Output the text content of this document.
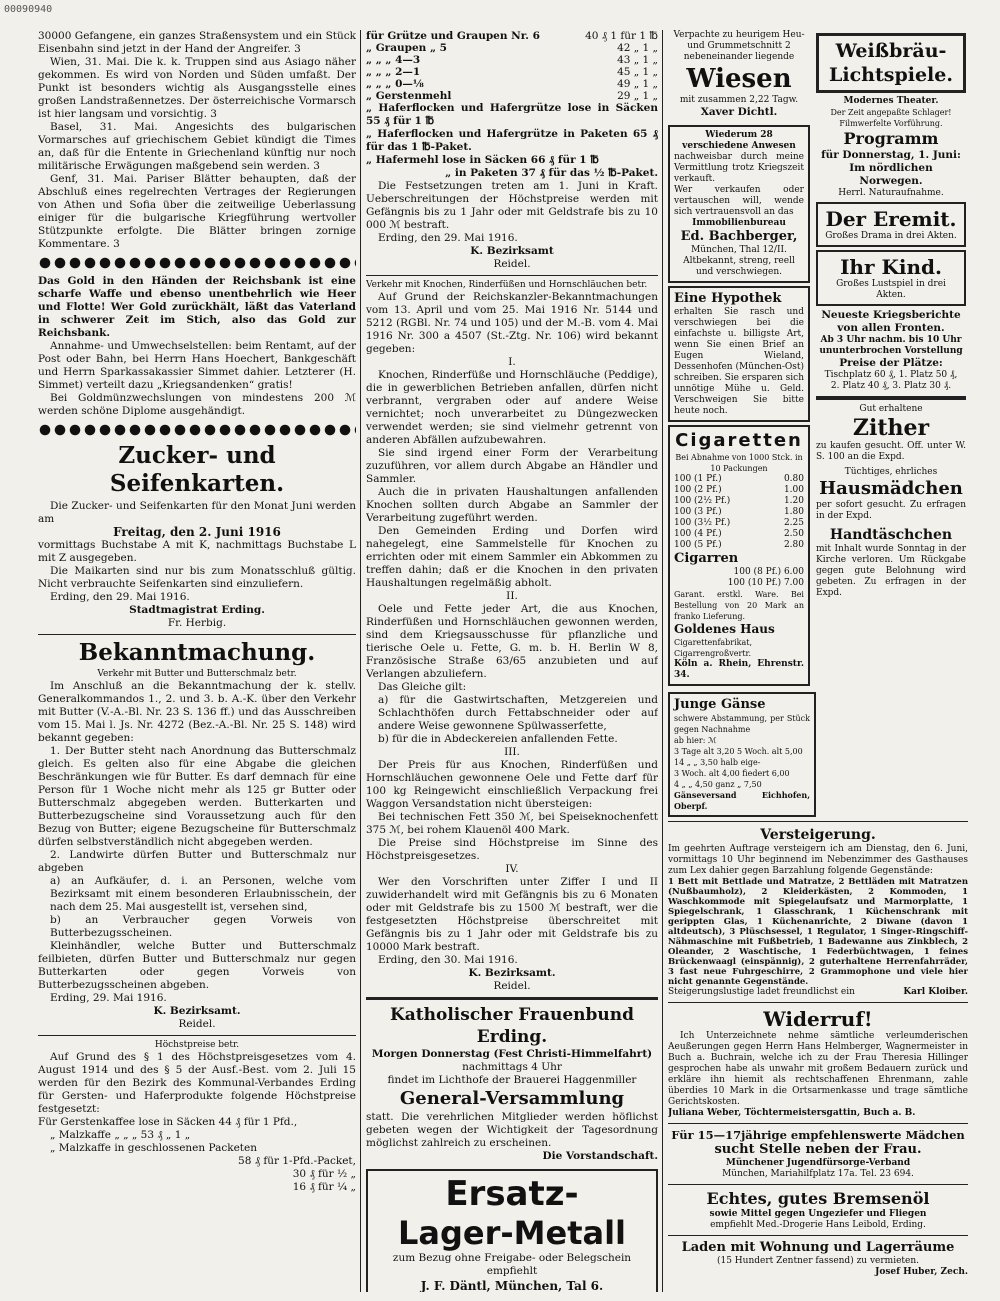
00090940

30000 Gefangene, ein ganzes Straßensystem und ein Stück Eisenbahn sind jetzt in der Hand der Angreifer. 3

Wien, 31. Mai. Die k. k. Truppen sind aus Asiago näher gekommen. Es wird von Norden und Süden umfaßt. Der Punkt ist besonders wichtig als Ausgangsstelle eines großen Landstraßennetzes. Der österreichische Vormarsch ist hier langsam und vorsichtig. 3

Basel, 31. Mai. Angesichts des bulgarischen Vormarsches auf griechischem Gebiet kündigt die Times an, daß für die Entente in Griechenland künftig nur noch militärische Erwägungen maßgebend sein werden. 3

Genf, 31. Mai. Pariser Blätter behaupten, daß der Abschluß eines regelrechten Vertrages der Regierungen von Athen und Sofia über die zeitweilige Ueberlassung einiger für die bulgarische Kriegführung wertvoller Stützpunkte erfolgte. Die Blätter bringen zornige Kommentare. 3

Das Gold in den Händen der Reichsbank ist eine scharfe Waffe und ebenso unentbehrlich wie Heer und Flotte! Wer Gold zurückhält, läßt das Vaterland in schwerer Zeit im Stich, also das Gold zur Reichsbank.

Annahme- und Umwechselstellen: beim Rentamt, auf der Post oder Bahn, bei Herrn Hans Hoechert, Bankgeschäft und Herrn Sparkassakassier Simmet dahier. Letzterer (H. Simmet) verteilt dazu „Kriegsandenken“ gratis!

Bei Goldmünzwechslungen von mindestens 200 ℳ werden schöne Diplome ausgehändigt.

Zucker- und Seifenkarten.

Die Zucker- und Seifenkarten für den Monat Juni werden am

Freitag, den 2. Juni 1916

vormittags Buchstabe A mit K, nachmittags Buchstabe L mit Z ausgegeben.

Die Maikarten sind nur bis zum Monatsschluß gültig. Nicht verbrauchte Seifenkarten sind einzuliefern.

Erding, den 29. Mai 1916.

Stadtmagistrat Erding.

Fr. Herbig.

Bekanntmachung.

Verkehr mit Butter und Butterschmalz betr.

Im Anschluß an die Bekanntmachung der k. stellv. Generalkommandos 1., 2. und 3. b. A.-K. über den Verkehr mit Butter (V.-A.-Bl. Nr. 23 S. 136 ff.) und das Ausschreiben vom 15. Mai l. Js. Nr. 4272 (Bez.-A.-Bl. Nr. 25 S. 148) wird bekannt gegeben:

1. Der Butter steht nach Anordnung das Butterschmalz gleich. Es gelten also für eine Abgabe die gleichen Beschränkungen wie für Butter. Es darf demnach für eine Person für 1 Woche nicht mehr als 125 gr Butter oder Butterschmalz abgegeben werden. Butterkarten und Butterbezugscheine sind Voraussetzung auch für den Bezug von Butter; eigene Bezugscheine für Butterschmalz dürfen selbstverständlich nicht abgegeben werden.

2. Landwirte dürfen Butter und Butterschmalz nur abgeben

a) an Aufkäufer, d. i. an Personen, welche vom Bezirksamt mit einem besonderen Erlaubnisschein, der nach dem 25. Mai ausgestellt ist, versehen sind,

b) an Verbraucher gegen Vorweis von Butterbezugsscheinen.

Kleinhändler, welche Butter und Butterschmalz feilbieten, dürfen Butter und Butterschmalz nur gegen Butterkarten oder gegen Vorweis von Butterbezugsscheinen abgeben.

Erding, 29. Mai 1916.

K. Bezirksamt.

Reidel.

Höchstpreise betr.

Auf Grund des § 1 des Höchstpreisgesetzes vom 4. August 1914 und des § 5 der Ausf.-Best. vom 2. Juli 15 werden für den Bezirk des Kommunal-Verbandes Erding für Gersten- und Haferprodukte folgende Höchstpreise festgesetzt:

Für Gerstenkaffee lose in Säcken 44 ₰ für 1 Pfd.,

„ Malzkaffe „ „ „ 53 ₰ „ 1 „

„ Malzkaffe in geschlossenen Packeten

58 ₰ für 1-Pfd.-Packet,

30 ₰ für ½ „

16 ₰ für ¼ „

für Grütze und Graupen Nr. 6	40 ₰ 1 für 1 ℔
„ Graupen „ 5	42 „ 1 „
„ „ „ 4—3	43 „ 1 „
„ „ „ 2—1	45 „ 1 „
„ „ „ 0—⅛	49 „ 1 „
„ Gerstenmehl	29 „ 1 „

„ Haferflocken und Hafergrütze lose in Säcken 55 ₰ für 1 ℔

„ Haferflocken und Hafergrütze in Paketen 65 ₰ für das 1 ℔-Paket.

„ Hafermehl lose in Säcken 66 ₰ für 1 ℔

„ in Paketen 37 ₰ für das ½ ℔-Paket.

Die Festsetzungen treten am 1. Juni in Kraft. Ueberschreitungen der Höchstpreise werden mit Gefängnis bis zu 1 Jahr oder mit Geldstrafe bis zu 10 000 ℳ bestraft.

Erding, den 29. Mai 1916.

K. Bezirksamt

Reidel.

Verkehr mit Knochen, Rinderfüßen und Hornschläuchen betr.

Auf Grund der Reichskanzler-Bekanntmachungen vom 13. April und vom 25. Mai 1916 Nr. 5144 und 5212 (RGBl. Nr. 74 und 105) und der M.-B. vom 4. Mai 1916 Nr. 300 a 4507 (St.-Ztg. Nr. 106) wird bekannt gegeben:

I.

Knochen, Rinderfüße und Hornschläuche (Peddige), die in gewerblichen Betrieben anfallen, dürfen nicht verbrannt, vergraben oder auf andere Weise vernichtet; noch unverarbeitet zu Düngezwecken verwendet werden; sie sind vielmehr getrennt von anderen Abfällen aufzubewahren.

Sie sind irgend einer Form der Verarbeitung zuzuführen, vor allem durch Abgabe an Händler und Sammler.

Auch die in privaten Haushaltungen anfallenden Knochen sollten durch Abgabe an Sammler der Verarbeitung zugeführt werden.

Den Gemeinden Erding und Dorfen wird nahegelegt, eine Sammelstelle für Knochen zu errichten oder mit einem Sammler ein Abkommen zu treffen dahin; daß er die Knochen in den privaten Haushaltungen regelmäßig abholt.

II.

Oele und Fette jeder Art, die aus Knochen, Rinderfüßen und Hornschläuchen gewonnen werden, sind dem Kriegsausschusse für pflanzliche und tierische Oele u. Fette, G. m. b. H. Berlin W 8, Französische Straße 63/65 anzubieten und auf Verlangen abzuliefern.

Das Gleiche gilt:

a) für die Gastwirtschaften, Metzgereien und Schlachthöfen durch Fettabschneider oder auf andere Weise gewonnene Spülwasserfette,

b) für die in Abdeckereien anfallenden Fette.

III.

Der Preis für aus Knochen, Rinderfüßen und Hornschläuchen gewonnene Oele und Fette darf für 100 kg Reingewicht einschließlich Verpackung frei Waggon Versandstation nicht übersteigen:

Bei technischen Fett 350 ℳ, bei Speiseknochenfett 375 ℳ, bei rohem Klauenöl 400 Mark.

Die Preise sind Höchstpreise im Sinne des Höchstpreisgesetzes.

IV.

Wer den Vorschriften unter Ziffer I und II zuwiderhandelt wird mit Gefängnis bis zu 6 Monaten oder mit Geldstrafe bis zu 1500 ℳ bestraft, wer die festgesetzten Höchstpreise überschreitet mit Gefängnis bis zu 1 Jahr oder mit Geldstrafe bis zu 10000 Mark bestraft.

Erding, den 30. Mai 1916.

K. Bezirksamt.

Reidel.

Katholischer Frauenbund Erding.

Morgen Donnerstag (Fest Christi-Himmelfahrt)

nachmittags 4 Uhr

findet im Lichthofe der Brauerei Haggenmiller

General-Versammlung

statt. Die verehrlichen Mitglieder werden höflichst gebeten wegen der Wichtigkeit der Tagesordnung möglichst zahlreich zu erscheinen.

Die Vorstandschaft.

Ersatz-
Lager-Metall

zum Bezug ohne Freigabe- oder Belegschein empfiehlt

J. F. Däntl, München, Tal 6.

Verpachte zu heurigem Heu- und Grummetschnitt 2 nebeneinander liegende

Wiesen

mit zusammen 2,22 Tagw.

Xaver Dichtl.

Wiederum 28 verschiedene Anwesen

nachweisbar durch meine Vermittlung trotz Kriegszeit verkauft.

Wer verkaufen oder vertauschen will, wende sich vertrauensvoll an das

Immobilienbureau

Ed. Bachberger,

München, Thal 12/II.

Altbekannt, streng, reell und verschwiegen.

Eine Hypothek

erhalten Sie rasch und verschwiegen bei die einfachste u. billigste Art, wenn Sie einen Brief an Eugen Wieland, Dessenhofen (München-Ost) schreiben. Sie ersparen sich unnötige Mühe u. Geld. Verschweigen Sie bitte heute noch.

Cigaretten

Bei Abnahme von 1000 Stck. in 10 Packungen

100 (1 Pf.)	0.80
100 (2 Pf.)	1.00
100 (2½ Pf.)	1.20
100 (3 Pf.)	1.80
100 (3½ Pf.)	2.25
100 (4 Pf.)	2.50
100 (5 Pf.)	2.80

Cigarren

100 (8 Pf.) 6.00

100 (10 Pf.) 7.00

Garant. erstkl. Ware. Bei Bestellung von 20 Mark an franko Lieferung.

Goldenes Haus

Cigarettenfabrikat, Cigarrengroßvertr.

Köln a. Rhein, Ehrenstr. 34.

Weißbräu-
Lichtspiele.

Modernes Theater.

Der Zeit angepaßte Schlager! Filmwerfelte Vorführung.

Programm

für Donnerstag, 1. Juni:

Im nördlichen Norwegen.

Herrl. Naturaufnahme.

Der Eremit.

Großes Drama in drei Akten.

Ihr Kind.

Großes Lustspiel in drei Akten.

Neueste Kriegsberichte

von allen Fronten.

Ab 3 Uhr nachm. bis 10 Uhr ununterbrochen Vorstellung

Preise der Plätze:

Tischplatz 60 ₰, 1. Platz 50 ₰,

2. Platz 40 ₰, 3. Platz 30 ₰.

Gut erhaltene

Zither

zu kaufen gesucht. Off. unter W. S. 100 an die Expd.

Tüchtiges, ehrliches

Hausmädchen

per sofort gesucht. Zu erfragen in der Expd.

Handtäschchen

mit Inhalt wurde Sonntag in der Kirche verloren. Um Rückgabe gegen gute Belohnung wird gebeten. Zu erfragen in der Expd.

Junge Gänse

schwere Abstammung, per Stück gegen Nachnahme

ab hier: ℳ

3 Tage alt 3,20 5 Woch. alt 5,00

14 „ „ 3,50 halb eige-

3 Woch. alt 4,00 fiedert 6,00

4 „ „ 4,50 ganz „ 7,50

Gänseversand Eichhofen, Oberpf.

Versteigerung.

Im geehrten Auftrage versteigern ich am Dienstag, den 6. Juni, vormittags 10 Uhr beginnend im Nebenzimmer des Gasthauses zum Lex dahier gegen Barzahlung folgende Gegenstände:

1 Bett mit Bettlade und Matratze, 2 Bettläden mit Matratzen (Nußbaumholz), 2 Kleiderkästen, 2 Kommoden, 1 Waschkommode mit Spiegelaufsatz und Marmorplatte, 1 Spiegelschrank, 1 Glasschrank, 1 Küchenschrank mit gerippten Glas, 1 Küchenanrichte, 2 Diwane (davon 1 altdeutsch), 3 Plüschsessel, 1 Regulator, 1 Singer-Ringschiff-Nähmaschine mit Fußbetrieb, 1 Badewanne aus Zinkblech, 2 Oleander, 2 Waschtische, 1 Federbüchtwagen, 1 feines Brückenwaagl (einspännig), 2 guterhaltene Herrenfahrräder, 3 fast neue Fuhrgeschirre, 2 Grammophone und viele hier nicht genannte Gegenstände.

Steigerungslustige ladet freundlichst ein	Karl Kloiber.

Widerruf!

Ich Unterzeichnete nehme sämtliche verleumderischen Aeußerungen gegen Herrn Hans Helmberger, Wagnermeister in Buch a. Buchrain, welche ich zu der Frau Theresia Hillinger gesprochen habe als unwahr mit großem Bedauern zurück und erkläre ihn hiemit als rechtschaffenen Ehrenmann, zahle überdies 10 Mark in die Ortsarmenkasse und trage sämtliche Gerichtskosten.

Juliana Weber, Töchtermeistersgattin, Buch a. B.

Für 15—17jährige empfehlenswerte Mädchen

sucht Stelle neben der Frau.

Münchener Jugendfürsorge-Verband

München, Mariahilfplatz 17a. Tel. 23 694.

Echtes, gutes Bremsenöl

sowie Mittel gegen Ungeziefer und Fliegen

empfiehlt Med.-Drogerie Hans Leibold, Erding.

Laden mit Wohnung und Lagerräume

(15 Hundert Zentner fassend) zu vermieten.

Josef Huber, Zech.
